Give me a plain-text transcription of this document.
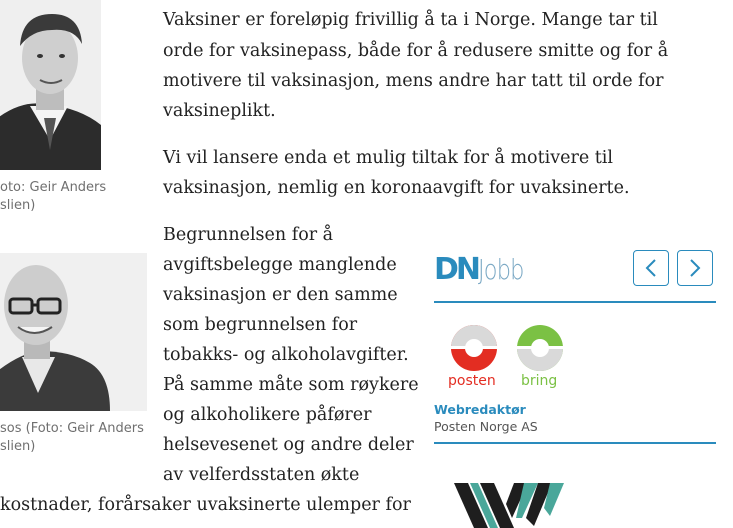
Vaksiner er foreløpig frivillig å ta i Norge. Mange tar til

orde for vaksinepass, både for å redusere smitte og for å

motivere til vaksinasjon, mens andre har tatt til orde for

vaksineplikt.

Vi vil lansere enda et mulig tiltak for å motivere til

vaksinasjon, nemlig en koronaavgift for uvaksinerte.

Begrunnelsen for å

avgiftsbelegge manglende

vaksinasjon er den samme

som begrunnelsen for

tobakks- og alkoholavgifter.

På samme måte som røykere

og alkoholikere påfører

helsevesenet og andre deler

av velferdsstaten økte

kostnader, forårsaker uvaksinerte ulemper for

oto: Geir Anders
slien)
sos (Foto: Geir Anders
slien)
DNJobb
posten bring
Webredaktør
Posten Norge AS
